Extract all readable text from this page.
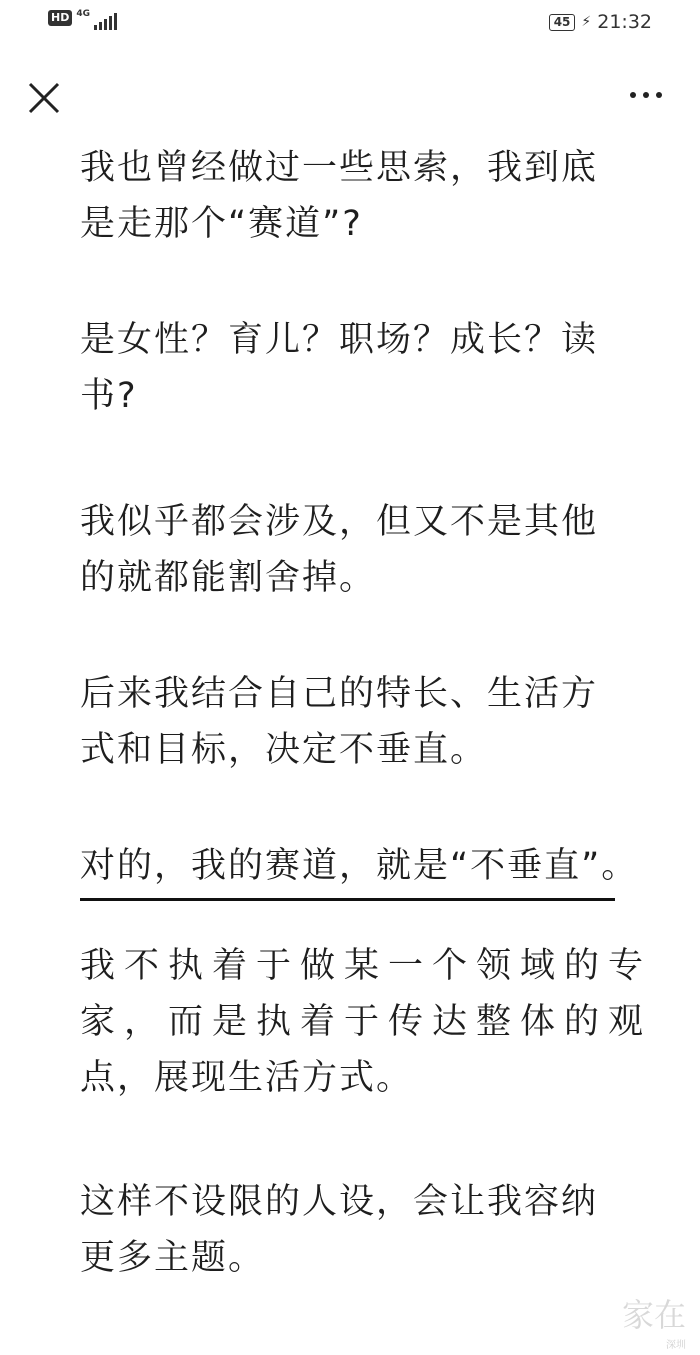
HD 4G
45 ⚡ 21:32

我也曾经做过一些思索，我到底
是走那个“赛道”?

是女性？育儿？职场？成长？读
书?

我似乎都会涉及，但又不是其他
的就都能割舍掉。

后来我结合自己的特长、生活方
式和目标，决定不垂直。

对的，我的赛道，就是“不垂直”。

我不执着于做某一个领域的专
家，而是执着于传达整体的观
点，展现生活方式。

这样不设限的人设，会让我容纳
更多主题。

家在
深圳
